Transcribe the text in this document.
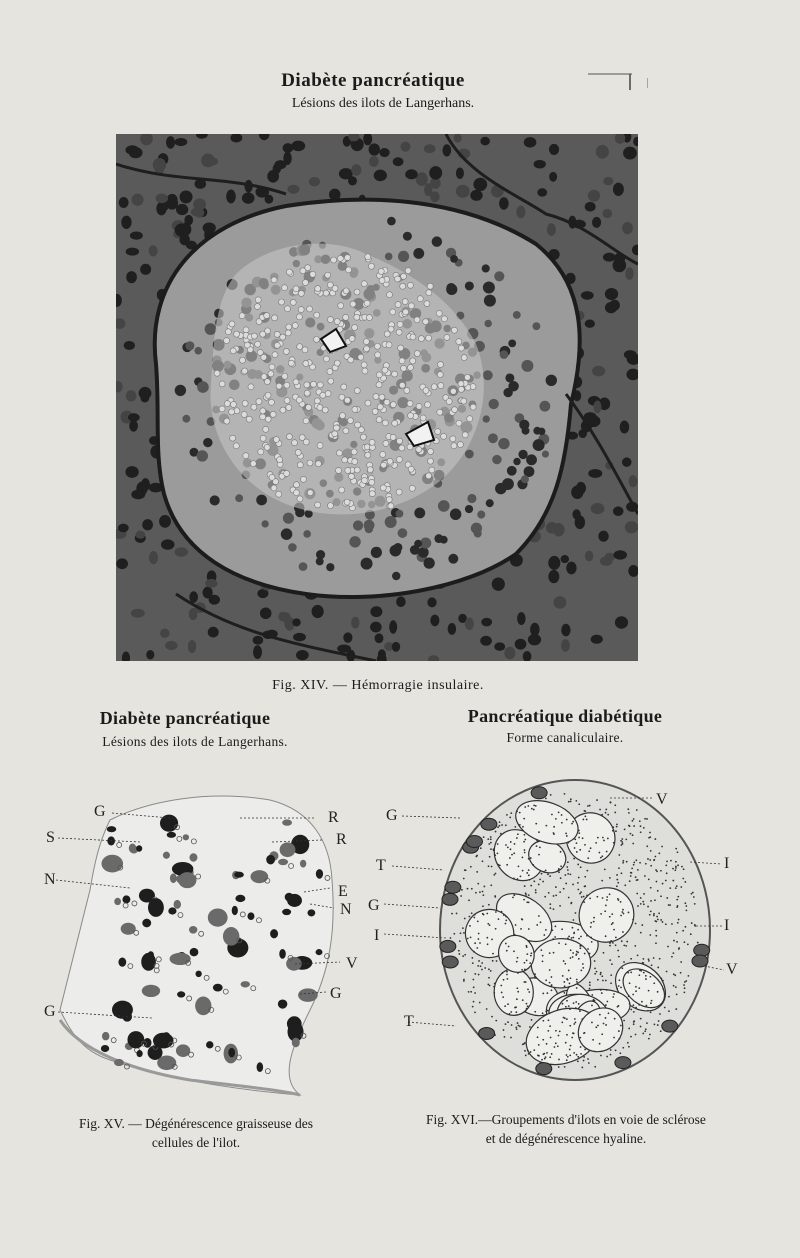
Diabète pancréatique
Lésions des ilots de Langerhans.
Fig. XIV. — Hémorragie insulaire.
Diabète pancréatique
Lésions des ilots de Langerhans.
Pancréatique diabétique
Forme canaliculaire.
G
S
N
G
R
R
E
N
V
G
G
T
G
I
T
V
I
I
V
Fig. XV. — Dégénérescence graisseuse des
cellules de l'ilot.
Fig. XVI.—Groupements d'ilots en voie de sclérose
et de dégénérescence hyaline.
